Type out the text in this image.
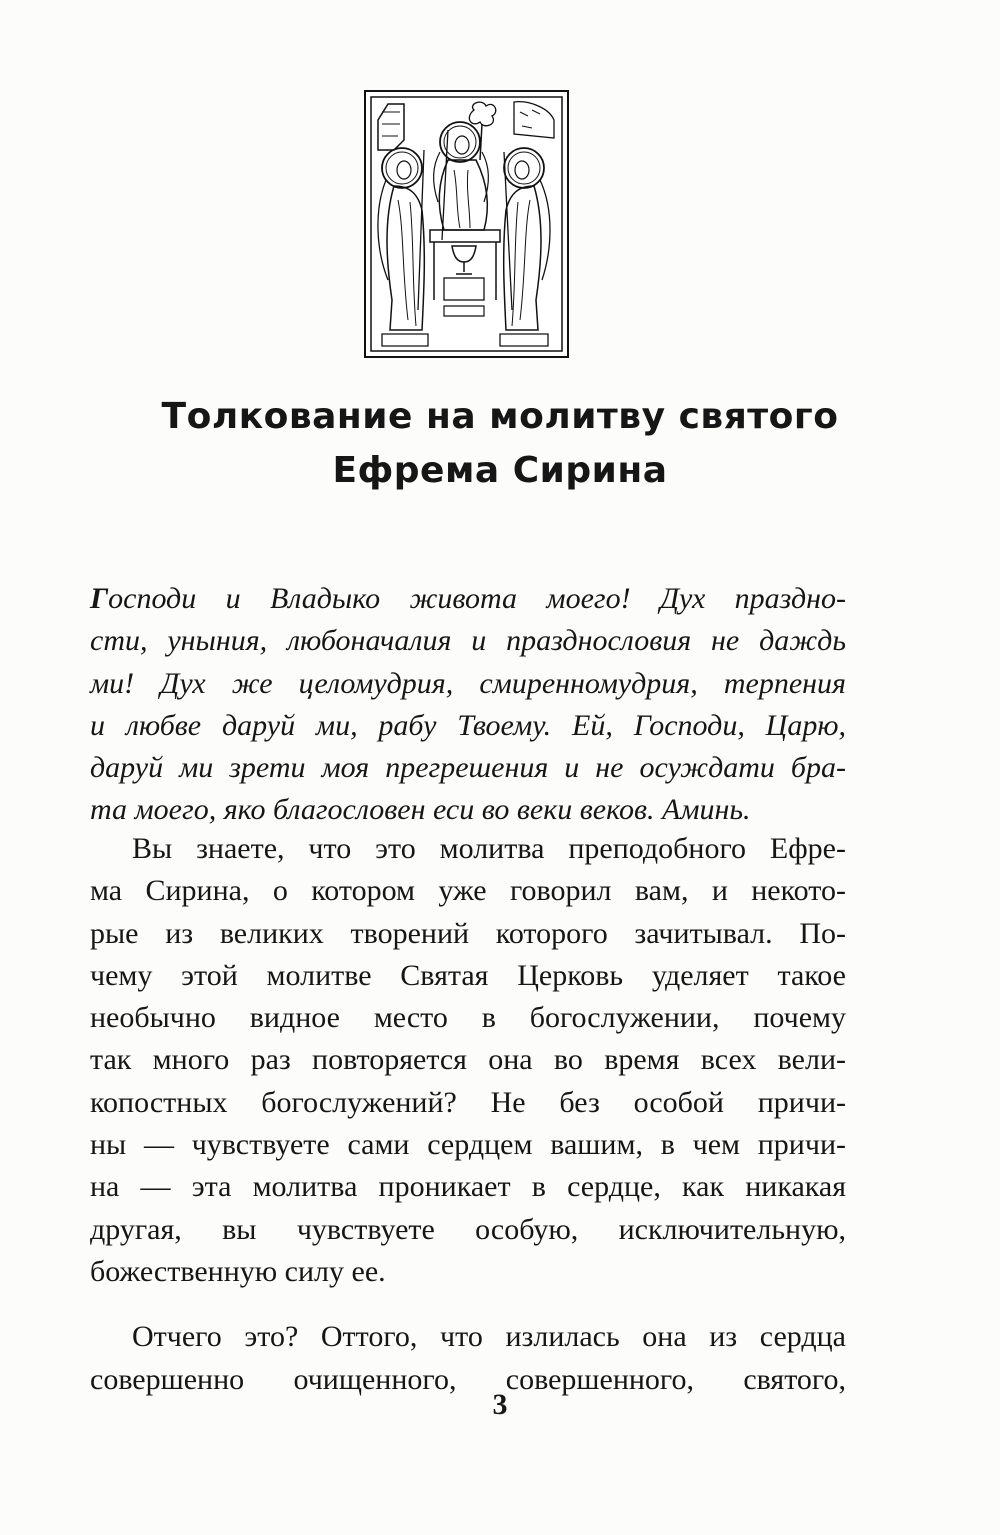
Толкование на молитву святого
Ефрема Сирина

Господи и Владыко живота моего! Дух праздно-
сти, уныния, любоначалия и празднословия не даждь
ми! Дух же целомудрия, смиренномудрия, терпения
и любве даруй ми, рабу Твоему. Ей, Господи, Царю,
даруй ми зрети моя прегрешения и не осуждати бра-
та моего, яко благословен еси во веки веков. Аминь.

Вы знаете, что это молитва преподобного Ефре-
ма Сирина, о котором уже говорил вам, и некото-
рые из великих творений которого зачитывал. По-
чему этой молитве Святая Церковь уделяет такое
необычно видное место в богослужении, почему
так много раз повторяется она во время всех вели-
копостных богослужений? Не без особой причи-
ны — чувствуете сами сердцем вашим, в чем причи-
на — эта молитва проникает в сердце, как никакая
другая, вы чувствуете особую, исключительную,
божественную силу ее.
Отчего это? Оттого, что излилась она из сердца
совершенно очищенного, совершенного, святого,
3
